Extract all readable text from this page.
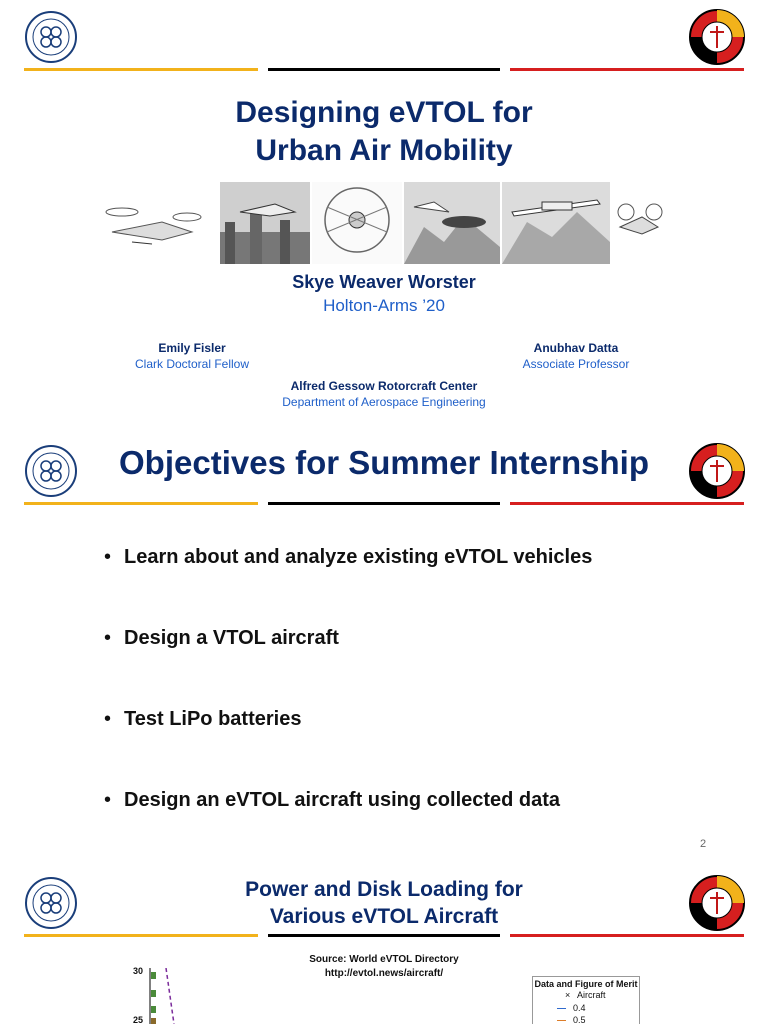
Designing eVTOL for
Urban Air Mobility
Skye Weaver Worster
Holton-Arms ’20
Emily Fisler
Clark Doctoral Fellow
Anubhav Datta
Associate Professor
Alfred Gessow Rotorcraft Center
Department of Aerospace Engineering
Objectives for Summer Internship
• Learn about and analyze existing eVTOL vehicles
• Design a VTOL aircraft
• Test LiPo batteries
• Design an eVTOL aircraft using collected data
2
Power and Disk Loading for
Various eVTOL Aircraft
Source: World eVTOL Directory
http://evtol.news/aircraft/
30
25
Data and Figure of Merit
× Aircraft
— 0.4
— 0.5
